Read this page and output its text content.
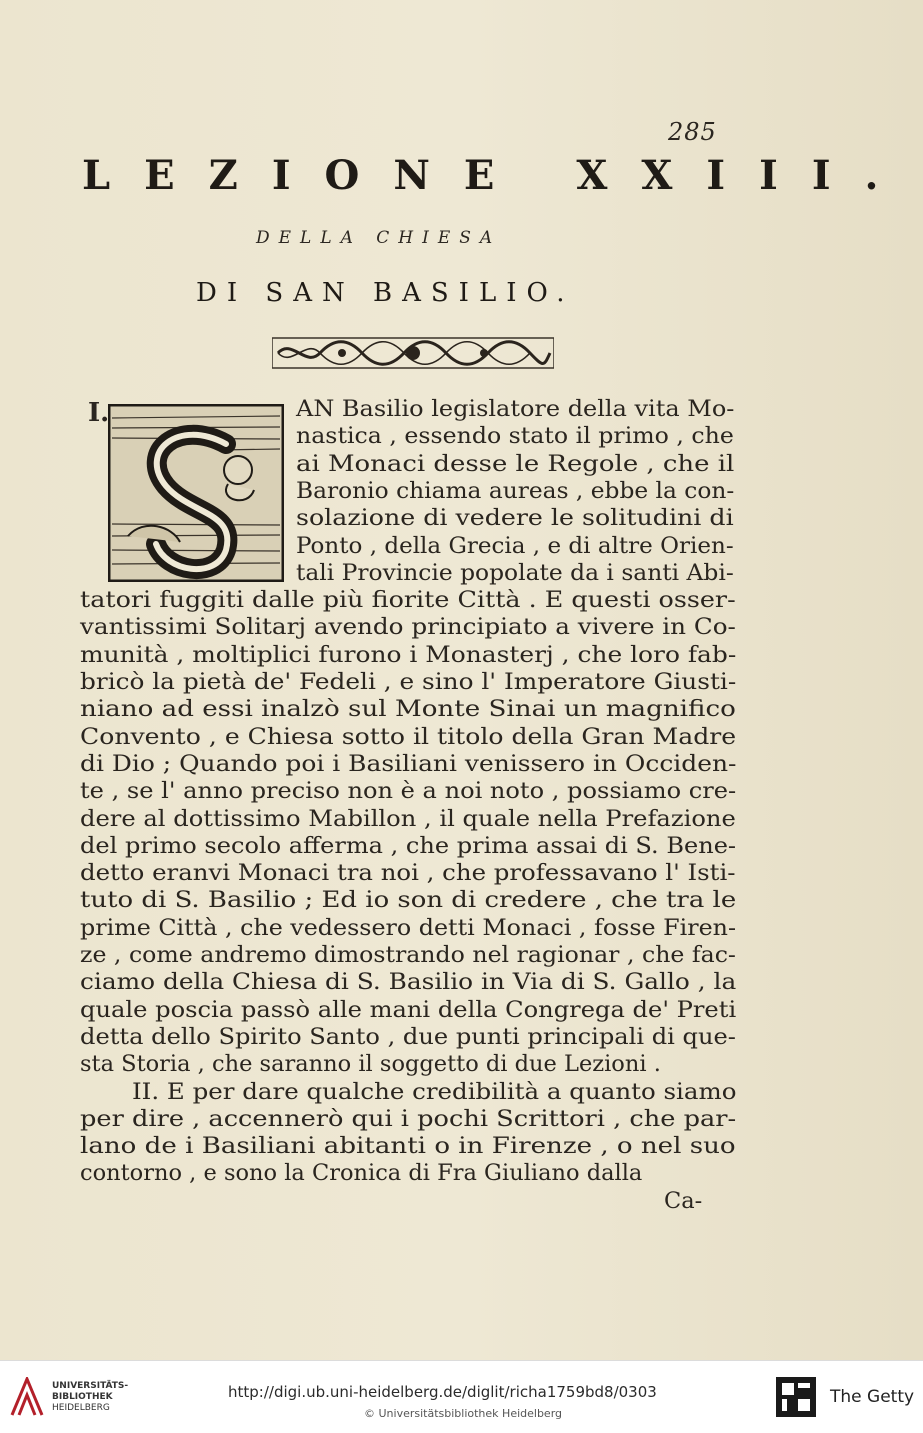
285
LEZIONE XXIII.
DELLA CHIESA
DI SAN BASILIO.
I.	AN Basilio legislatore della vita Mo-
nastica , essendo stato il primo , che
ai Monaci desse le Regole , che il
Baronio chiama aureas , ebbe la con-
solazione di vedere le solitudini di
Ponto , della Grecia , e di altre Orien-
tali Provincie popolate da i santi Abi-
tatori fuggiti dalle più fiorite Città . E questi osser-
vantissimi Solitarj avendo principiato a vivere in Co-
munità , moltiplici furono i Monasterj , che loro fab-
bricò la pietà de' Fedeli , e sino l' Imperatore Giusti-
niano ad essi inalzò sul Monte Sinai un magnifico
Convento , e Chiesa sotto il titolo della Gran Madre
di Dio ; Quando poi i Basiliani venissero in Occiden-
te , se l' anno preciso non è a noi noto , possiamo cre-
dere al dottissimo Mabillon , il quale nella Prefazione
del primo secolo afferma , che prima assai di S. Bene-
detto eranvi Monaci tra noi , che professavano l' Isti-
tuto di S. Basilio ; Ed io son di credere , che tra le
prime Città , che vedessero detti Monaci , fosse Firen-
ze , come andremo dimostrando nel ragionar , che fac-
ciamo della Chiesa di S. Basilio in Via di S. Gallo , la
quale poscia passò alle mani della Congrega de' Preti
detta dello Spirito Santo , due punti principali di que-
sta Storia , che saranno il soggetto di due Lezioni .
II. E per dare qualche credibilità a quanto siamo
per dire , accennerò qui i pochi Scrittori , che par-
lano de i Basiliani abitanti o in Firenze , o nel suo
contorno , e sono la Cronica di Fra Giuliano dalla
Ca-
UNIVERSITÄTS-
BIBLIOTHEK
HEIDELBERG
http://digi.ub.uni-heidelberg.de/diglit/richa1759bd8/0303
© Universitätsbibliothek Heidelberg
The Getty
